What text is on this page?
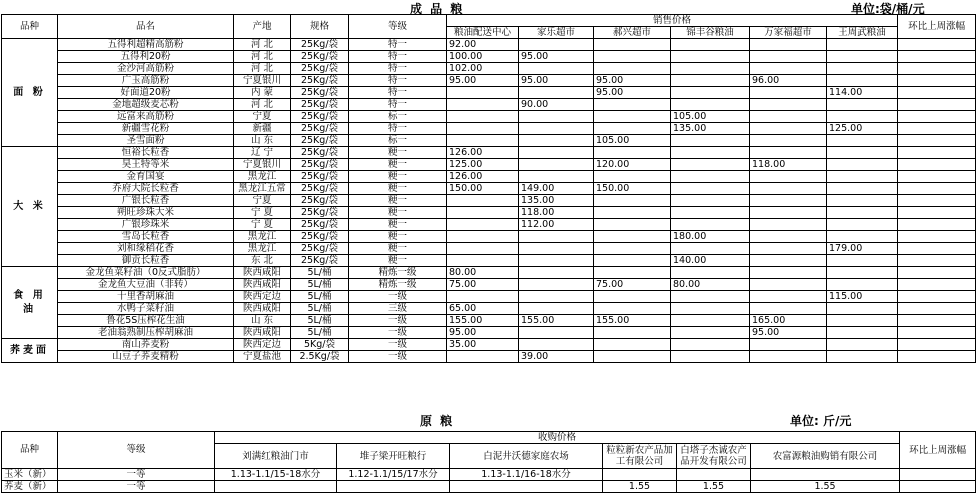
成 品 粮	单位:袋/桶/元
品种	品名	产地	规格	等级	销售价格						环比上周涨幅
					粮油配送中心	家乐超市	郝兴超市	锦丰谷粮油	万家福超市	王周武粮油	
面 粉	五得利超精高筋粉	河 北	25Kg/袋	特一	92.00						
	五得利20粉	河 北	25Kg/袋	特一	100.00	95.00					
	金沙河高筋粉	河 北	25Kg/袋	特一	102.00						
	广玉高筋粉	宁夏银川	25Kg/袋	特一	95.00	95.00	95.00		96.00		
	好面道20粉	内 蒙	25Kg/袋	特一			95.00			114.00	
	金地超级麦芯粉	河 北	25Kg/袋	特一		90.00					
	远富来高筋粉	宁夏	25Kg/袋	标一				105.00			
	新疆雪花粉	新疆	25Kg/袋	特一				135.00		125.00	
	圣雪面粉	山 东	25Kg/袋	标一			105.00				
大 米	恒裕长粒香	辽 宁	25Kg/袋	粳一	126.00						
	昊王特等米	宁夏银川	25Kg/袋	粳一	125.00		120.00		118.00		
	金育国宴	黑龙江	25Kg/袋	粳一	126.00						
	乔府大院长粒香	黑龙江五常	25Kg/袋	粳一	150.00	149.00	150.00				
	广银长粒香	宁夏	25Kg/袋	粳一		135.00					
	朔旺珍珠大米	宁 夏	25Kg/袋	粳一		118.00					
	广银珍珠米	宁 夏	25Kg/袋	粳一		112.00					
	雪岛长粒香	黑龙江	25Kg/袋	粳一				180.00			
	刘和缘稻花香	黑龙江	25Kg/袋	粳一						179.00	
	御贡长粒香	东 北	25Kg/袋	粳一				140.00			
食 用 油	金龙鱼菜籽油（0反式脂肪）	陕西咸阳	5L/桶	精炼一级	80.00						
	金龙鱼大豆油（非转）	陕西咸阳	5L/桶	精炼一级	75.00		75.00	80.00			
	十里香胡麻油	陕西定边	5L/桶	一级						115.00	
	水鸭子菜籽油	陕西咸阳	5L/桶	三级	65.00						
	鲁花5S压榨花生油	山 东	5L/桶	一级	155.00	155.00	155.00		165.00		
	老油翁熟制压榨胡麻油	陕西咸阳	5L/桶	一级	95.00				95.00		
荞麦面	南山荞麦粉	陕西定边	5Kg/袋	一级	35.00						
	山豆子荞麦精粉	宁夏盐池	2.5Kg/袋	一级		39.00					
原 粮	单位: 斤/元
品种	等级	收购价格						环比上周涨幅
		刘满红粮油门市	堆子梁开旺粮行	白泥井沃德家庭农场	粒粒新农产品加工有限公司	白塔子杰诚农产品开发有限公司	农富源粮油购销有限公司	
玉米（新）	一等	1.13-1.1/15-18水分	1.12-1.1/15/17水分	1.13-1.1/16-18水分				
荞麦（新）	一等				1.55	1.55	1.55	
